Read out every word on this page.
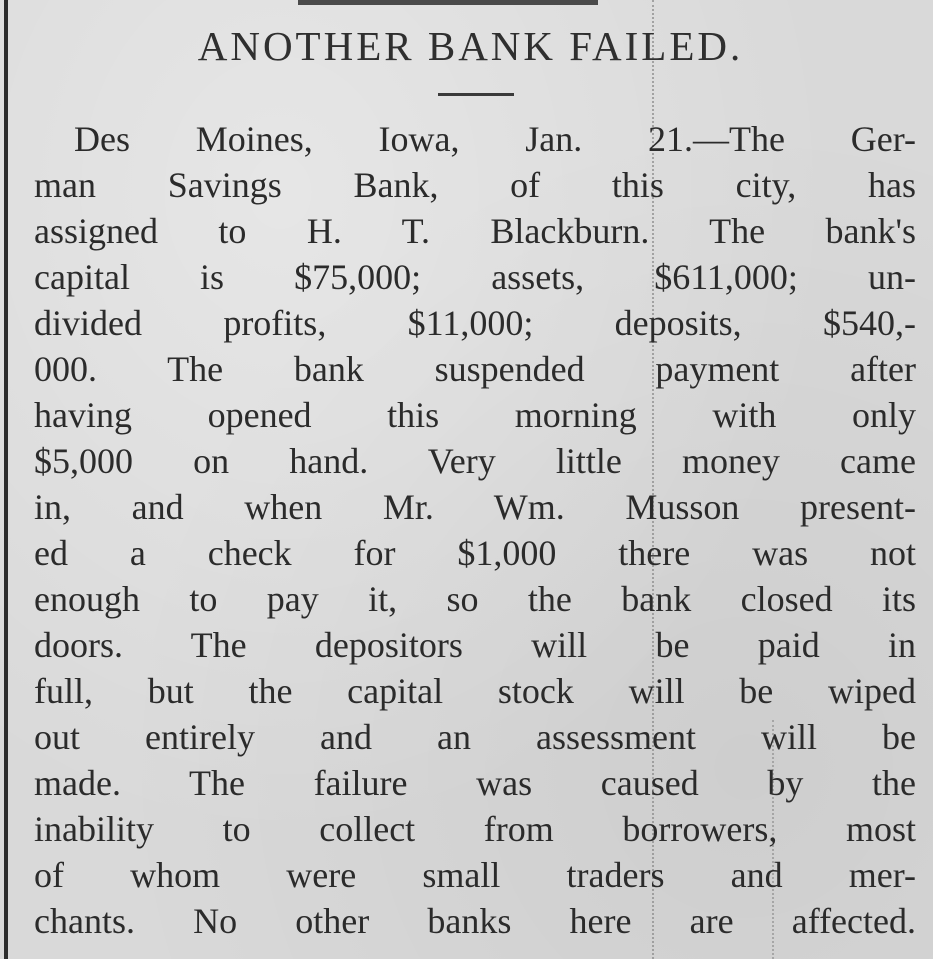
ANOTHER BANK FAILED.
Des Moines, Iowa, Jan. 21.—The Ger-
man Savings Bank, of this city, has
assigned to H. T. Blackburn. The bank's
capital is $75,000; assets, $611,000; un-
divided profits, $11,000; deposits, $540,-
000. The bank suspended payment after
having opened this morning with only
$5,000 on hand. Very little money came
in, and when Mr. Wm. Musson present-
ed a check for $1,000 there was not
enough to pay it, so the bank closed its
doors. The depositors will be paid in
full, but the capital stock will be wiped
out entirely and an assessment will be
made. The failure was caused by the
inability to collect from borrowers, most
of whom were small traders and mer-
chants. No other banks here are affected.
